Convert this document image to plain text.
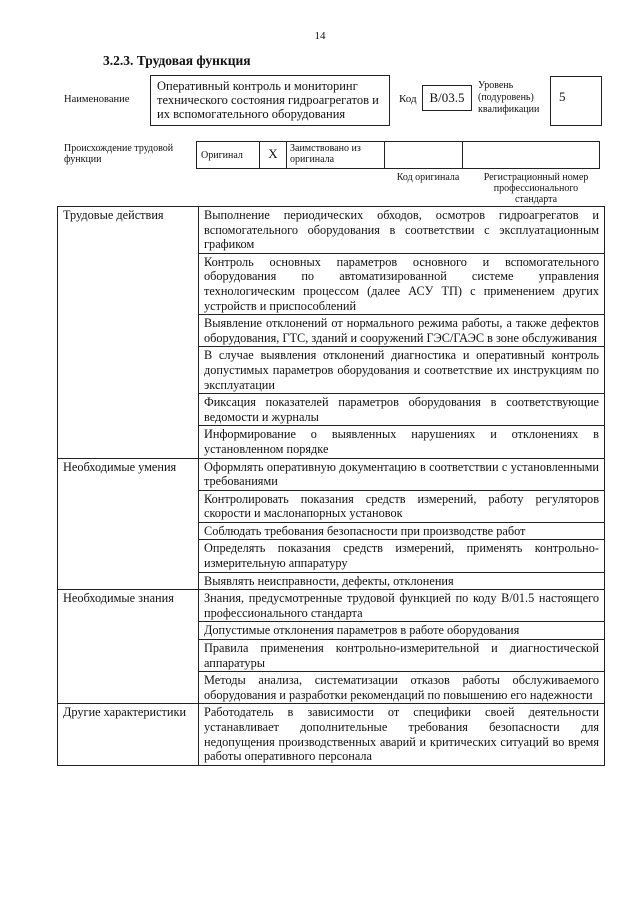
14
3.2.3. Трудовая функция
Наименование
Оперативный контроль и мониторинг технического состояния гидроагрегатов и их вспомогательного оборудования
Код B/03.5
Уровень (подуровень) квалификации
5
Происхождение трудовой функции	Оригинал	X	Заимствовано из оригинала
Код оригинала	Регистрационный номер профессионального стандарта
Трудовые действия	Выполнение периодических обходов, осмотров гидроагрегатов и вспомогательного оборудования в соответствии с эксплуатационным графиком
	Контроль основных параметров основного и вспомогательного оборудования по автоматизированной системе управления технологическим процессом (далее АСУ ТП) с применением других устройств и приспособлений
	Выявление отклонений от нормального режима работы, а также дефектов оборудования, ГТС, зданий и сооружений ГЭС/ГАЭС в зоне обслуживания
	В случае выявления отклонений диагностика и оперативный контроль допустимых параметров оборудования и соответствие их инструкциям по эксплуатации
	Фиксация показателей параметров оборудования в соответствующие ведомости и журналы
	Информирование о выявленных нарушениях и отклонениях в установленном порядке
Необходимые умения	Оформлять оперативную документацию в соответствии с установленными требованиями
	Контролировать показания средств измерений, работу регуляторов скорости и маслонапорных установок
	Соблюдать требования безопасности при производстве работ
	Определять показания средств измерений, применять контрольно-измерительную аппаратуру
	Выявлять неисправности, дефекты, отклонения
Необходимые знания	Знания, предусмотренные трудовой функцией по коду B/01.5 настоящего профессионального стандарта
	Допустимые отклонения параметров в работе оборудования
	Правила применения контрольно-измерительной и диагностической аппаратуры
	Методы анализа, систематизации отказов работы обслуживаемого оборудования и разработки рекомендаций по повышению его надежности
Другие характеристики	Работодатель в зависимости от специфики своей деятельности устанавливает дополнительные требования безопасности для недопущения производственных аварий и критических ситуаций во время работы оперативного персонала
